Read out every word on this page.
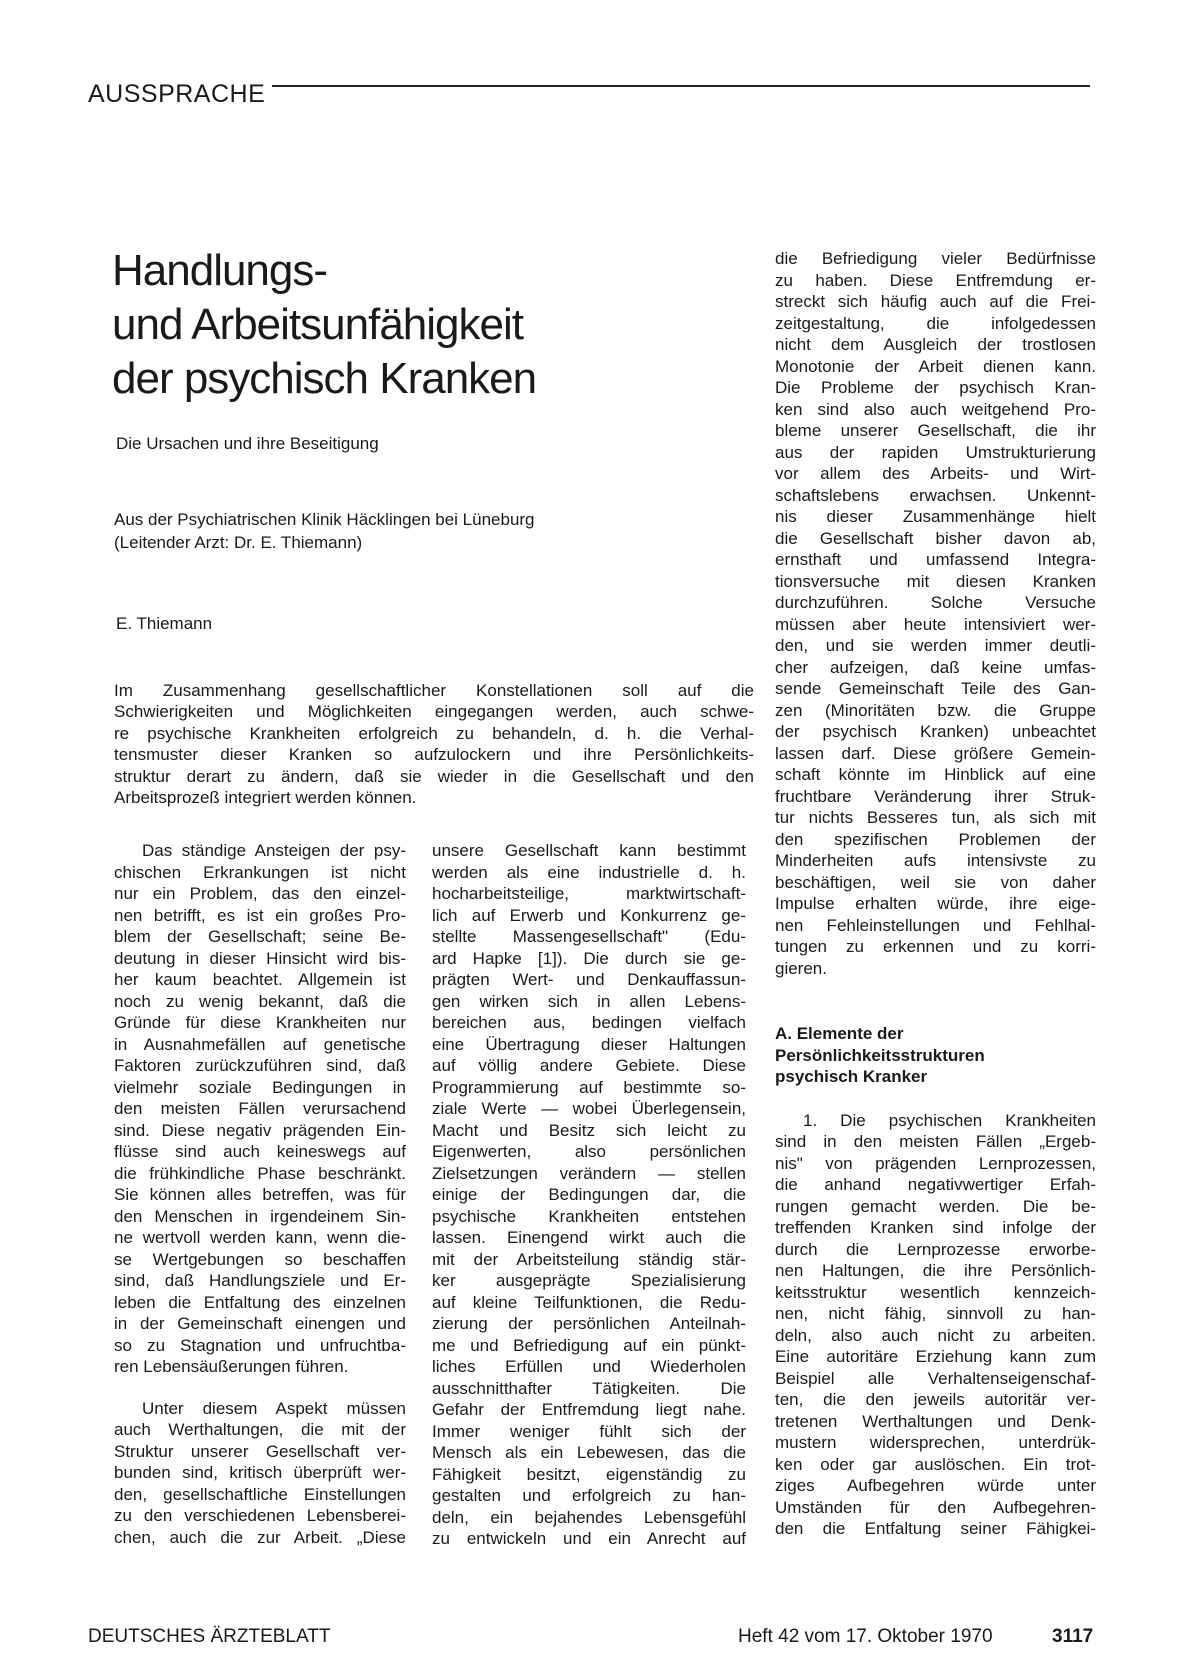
AUSSPRACHE
Handlungs-
und Arbeitsunfähigkeit
der psychisch Kranken
Die Ursachen und ihre Beseitigung
Aus der Psychiatrischen Klinik Häcklingen bei Lüneburg
(Leitender Arzt: Dr. E. Thiemann)
E. Thiemann
Im Zusammenhang gesellschaftlicher Konstellationen soll auf die
Schwierigkeiten und Möglichkeiten eingegangen werden, auch schwe-
re psychische Krankheiten erfolgreich zu behandeln, d. h. die Verhal-
tensmuster dieser Kranken so aufzulockern und ihre Persönlichkeits-
struktur derart zu ändern, daß sie wieder in die Gesellschaft und den
Arbeitsprozeß integriert werden können.
Das ständige Ansteigen der psy-
chischen Erkrankungen ist nicht
nur ein Problem, das den einzel-
nen betrifft, es ist ein großes Pro-
blem der Gesellschaft; seine Be-
deutung in dieser Hinsicht wird bis-
her kaum beachtet. Allgemein ist
noch zu wenig bekannt, daß die
Gründe für diese Krankheiten nur
in Ausnahmefällen auf genetische
Faktoren zurückzuführen sind, daß
vielmehr soziale Bedingungen in
den meisten Fällen verursachend
sind. Diese negativ prägenden Ein-
flüsse sind auch keineswegs auf
die frühkindliche Phase beschränkt.
Sie können alles betreffen, was für
den Menschen in irgendeinem Sin-
ne wertvoll werden kann, wenn die-
se Wertgebungen so beschaffen
sind, daß Handlungsziele und Er-
leben die Entfaltung des einzelnen
in der Gemeinschaft einengen und
so zu Stagnation und unfruchtba-
ren Lebensäußerungen führen.
Unter diesem Aspekt müssen
auch Werthaltungen, die mit der
Struktur unserer Gesellschaft ver-
bunden sind, kritisch überprüft wer-
den, gesellschaftliche Einstellungen
zu den verschiedenen Lebensberei-
chen, auch die zur Arbeit. „Diese
unsere Gesellschaft kann bestimmt
werden als eine industrielle d. h.
hocharbeitsteilige, marktwirtschaft-
lich auf Erwerb und Konkurrenz ge-
stellte Massengesellschaft" (Edu-
ard Hapke [1]). Die durch sie ge-
prägten Wert- und Denkauffassun-
gen wirken sich in allen Lebens-
bereichen aus, bedingen vielfach
eine Übertragung dieser Haltungen
auf völlig andere Gebiete. Diese
Programmierung auf bestimmte so-
ziale Werte — wobei Überlegensein,
Macht und Besitz sich leicht zu
Eigenwerten, also persönlichen
Zielsetzungen verändern — stellen
einige der Bedingungen dar, die
psychische Krankheiten entstehen
lassen. Einengend wirkt auch die
mit der Arbeitsteilung ständig stär-
ker ausgeprägte Spezialisierung
auf kleine Teilfunktionen, die Redu-
zierung der persönlichen Anteilnah-
me und Befriedigung auf ein pünkt-
liches Erfüllen und Wiederholen
ausschnitthafter Tätigkeiten. Die
Gefahr der Entfremdung liegt nahe.
Immer weniger fühlt sich der
Mensch als ein Lebewesen, das die
Fähigkeit besitzt, eigenständig zu
gestalten und erfolgreich zu han-
deln, ein bejahendes Lebensgefühl
zu entwickeln und ein Anrecht auf
die Befriedigung vieler Bedürfnisse
zu haben. Diese Entfremdung er-
streckt sich häufig auch auf die Frei-
zeitgestaltung, die infolgedessen
nicht dem Ausgleich der trostlosen
Monotonie der Arbeit dienen kann.
Die Probleme der psychisch Kran-
ken sind also auch weitgehend Pro-
bleme unserer Gesellschaft, die ihr
aus der rapiden Umstrukturierung
vor allem des Arbeits- und Wirt-
schaftslebens erwachsen. Unkennt-
nis dieser Zusammenhänge hielt
die Gesellschaft bisher davon ab,
ernsthaft und umfassend Integra-
tionsversuche mit diesen Kranken
durchzuführen. Solche Versuche
müssen aber heute intensiviert wer-
den, und sie werden immer deutli-
cher aufzeigen, daß keine umfas-
sende Gemeinschaft Teile des Gan-
zen (Minoritäten bzw. die Gruppe
der psychisch Kranken) unbeachtet
lassen darf. Diese größere Gemein-
schaft könnte im Hinblick auf eine
fruchtbare Veränderung ihrer Struk-
tur nichts Besseres tun, als sich mit
den spezifischen Problemen der
Minderheiten aufs intensivste zu
beschäftigen, weil sie von daher
Impulse erhalten würde, ihre eige-
nen Fehleinstellungen und Fehlhal-
tungen zu erkennen und zu korri-
gieren.
A. Elemente der
Persönlichkeitsstrukturen
psychisch Kranker
1. Die psychischen Krankheiten
sind in den meisten Fällen „Ergeb-
nis" von prägenden Lernprozessen,
die anhand negativwertiger Erfah-
rungen gemacht werden. Die be-
treffenden Kranken sind infolge der
durch die Lernprozesse erworbe-
nen Haltungen, die ihre Persönlich-
keitsstruktur wesentlich kennzeich-
nen, nicht fähig, sinnvoll zu han-
deln, also auch nicht zu arbeiten.
Eine autoritäre Erziehung kann zum
Beispiel alle Verhaltenseigenschaf-
ten, die den jeweils autoritär ver-
tretenen Werthaltungen und Denk-
mustern widersprechen, unterdrük-
ken oder gar auslöschen. Ein trot-
ziges Aufbegehren würde unter
Umständen für den Aufbegehren-
den die Entfaltung seiner Fähigkei-
DEUTSCHES ÄRZTEBLATT	Heft 42 vom 17. Oktober 1970	3117
